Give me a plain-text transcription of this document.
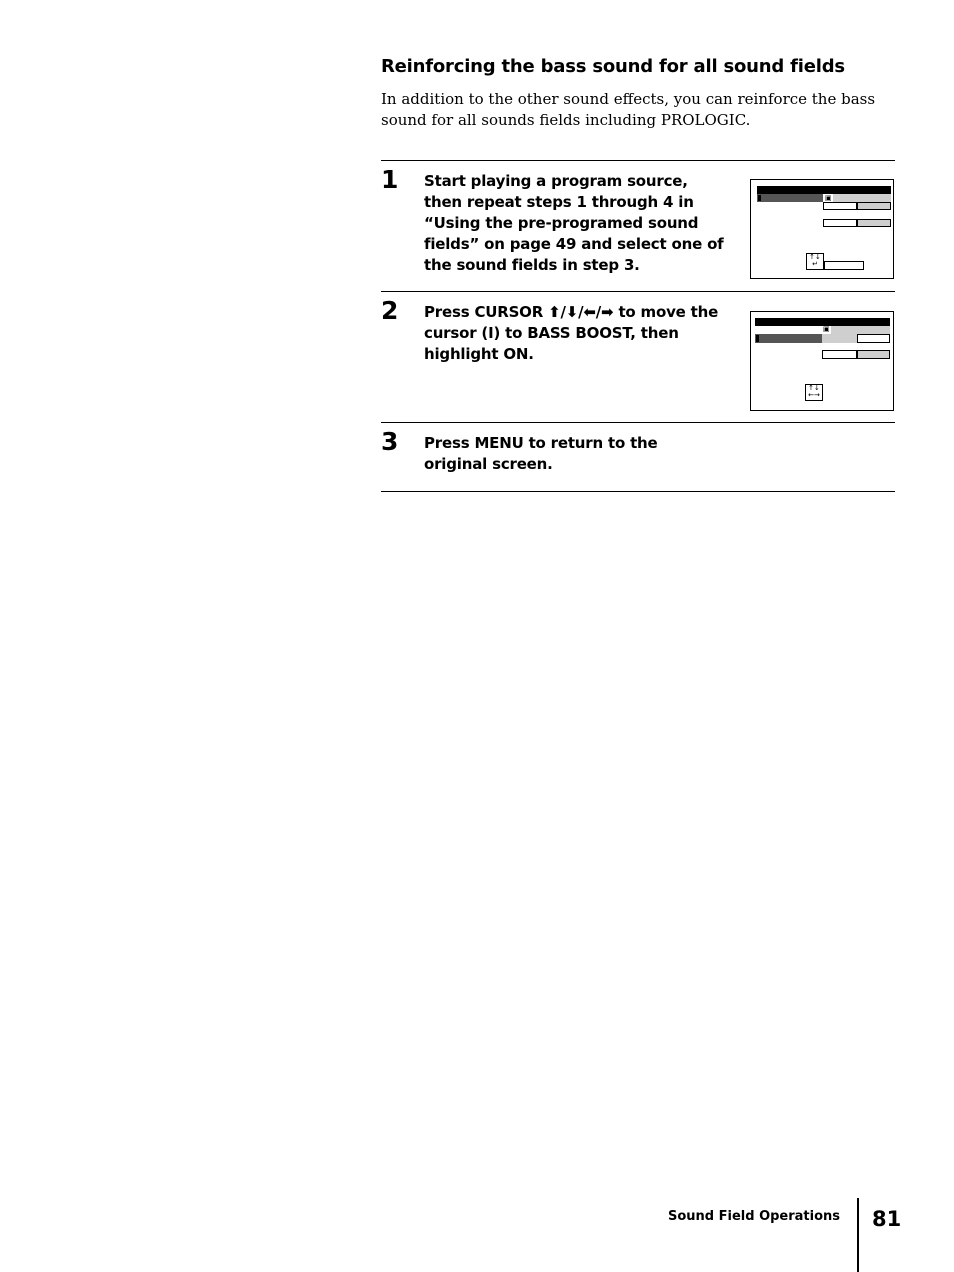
Reinforcing the bass sound for all sound fields

In addition to the other sound effects, you can reinforce the bass sound for all sounds fields including PROLOGIC.

1 Start playing a program source, then repeat steps 1 through 4 in “Using the pre-programed sound fields” on page 49 and select one of the sound fields in step 3.

▣
↑↓
↵
2 Press CURSOR ⬆/⬇/⬅/➡ to move the cursor (I) to BASS BOOST, then highlight ON.

▣
↑↓
←→
3 Press MENU to return to the original screen.

Sound Field Operations 81
